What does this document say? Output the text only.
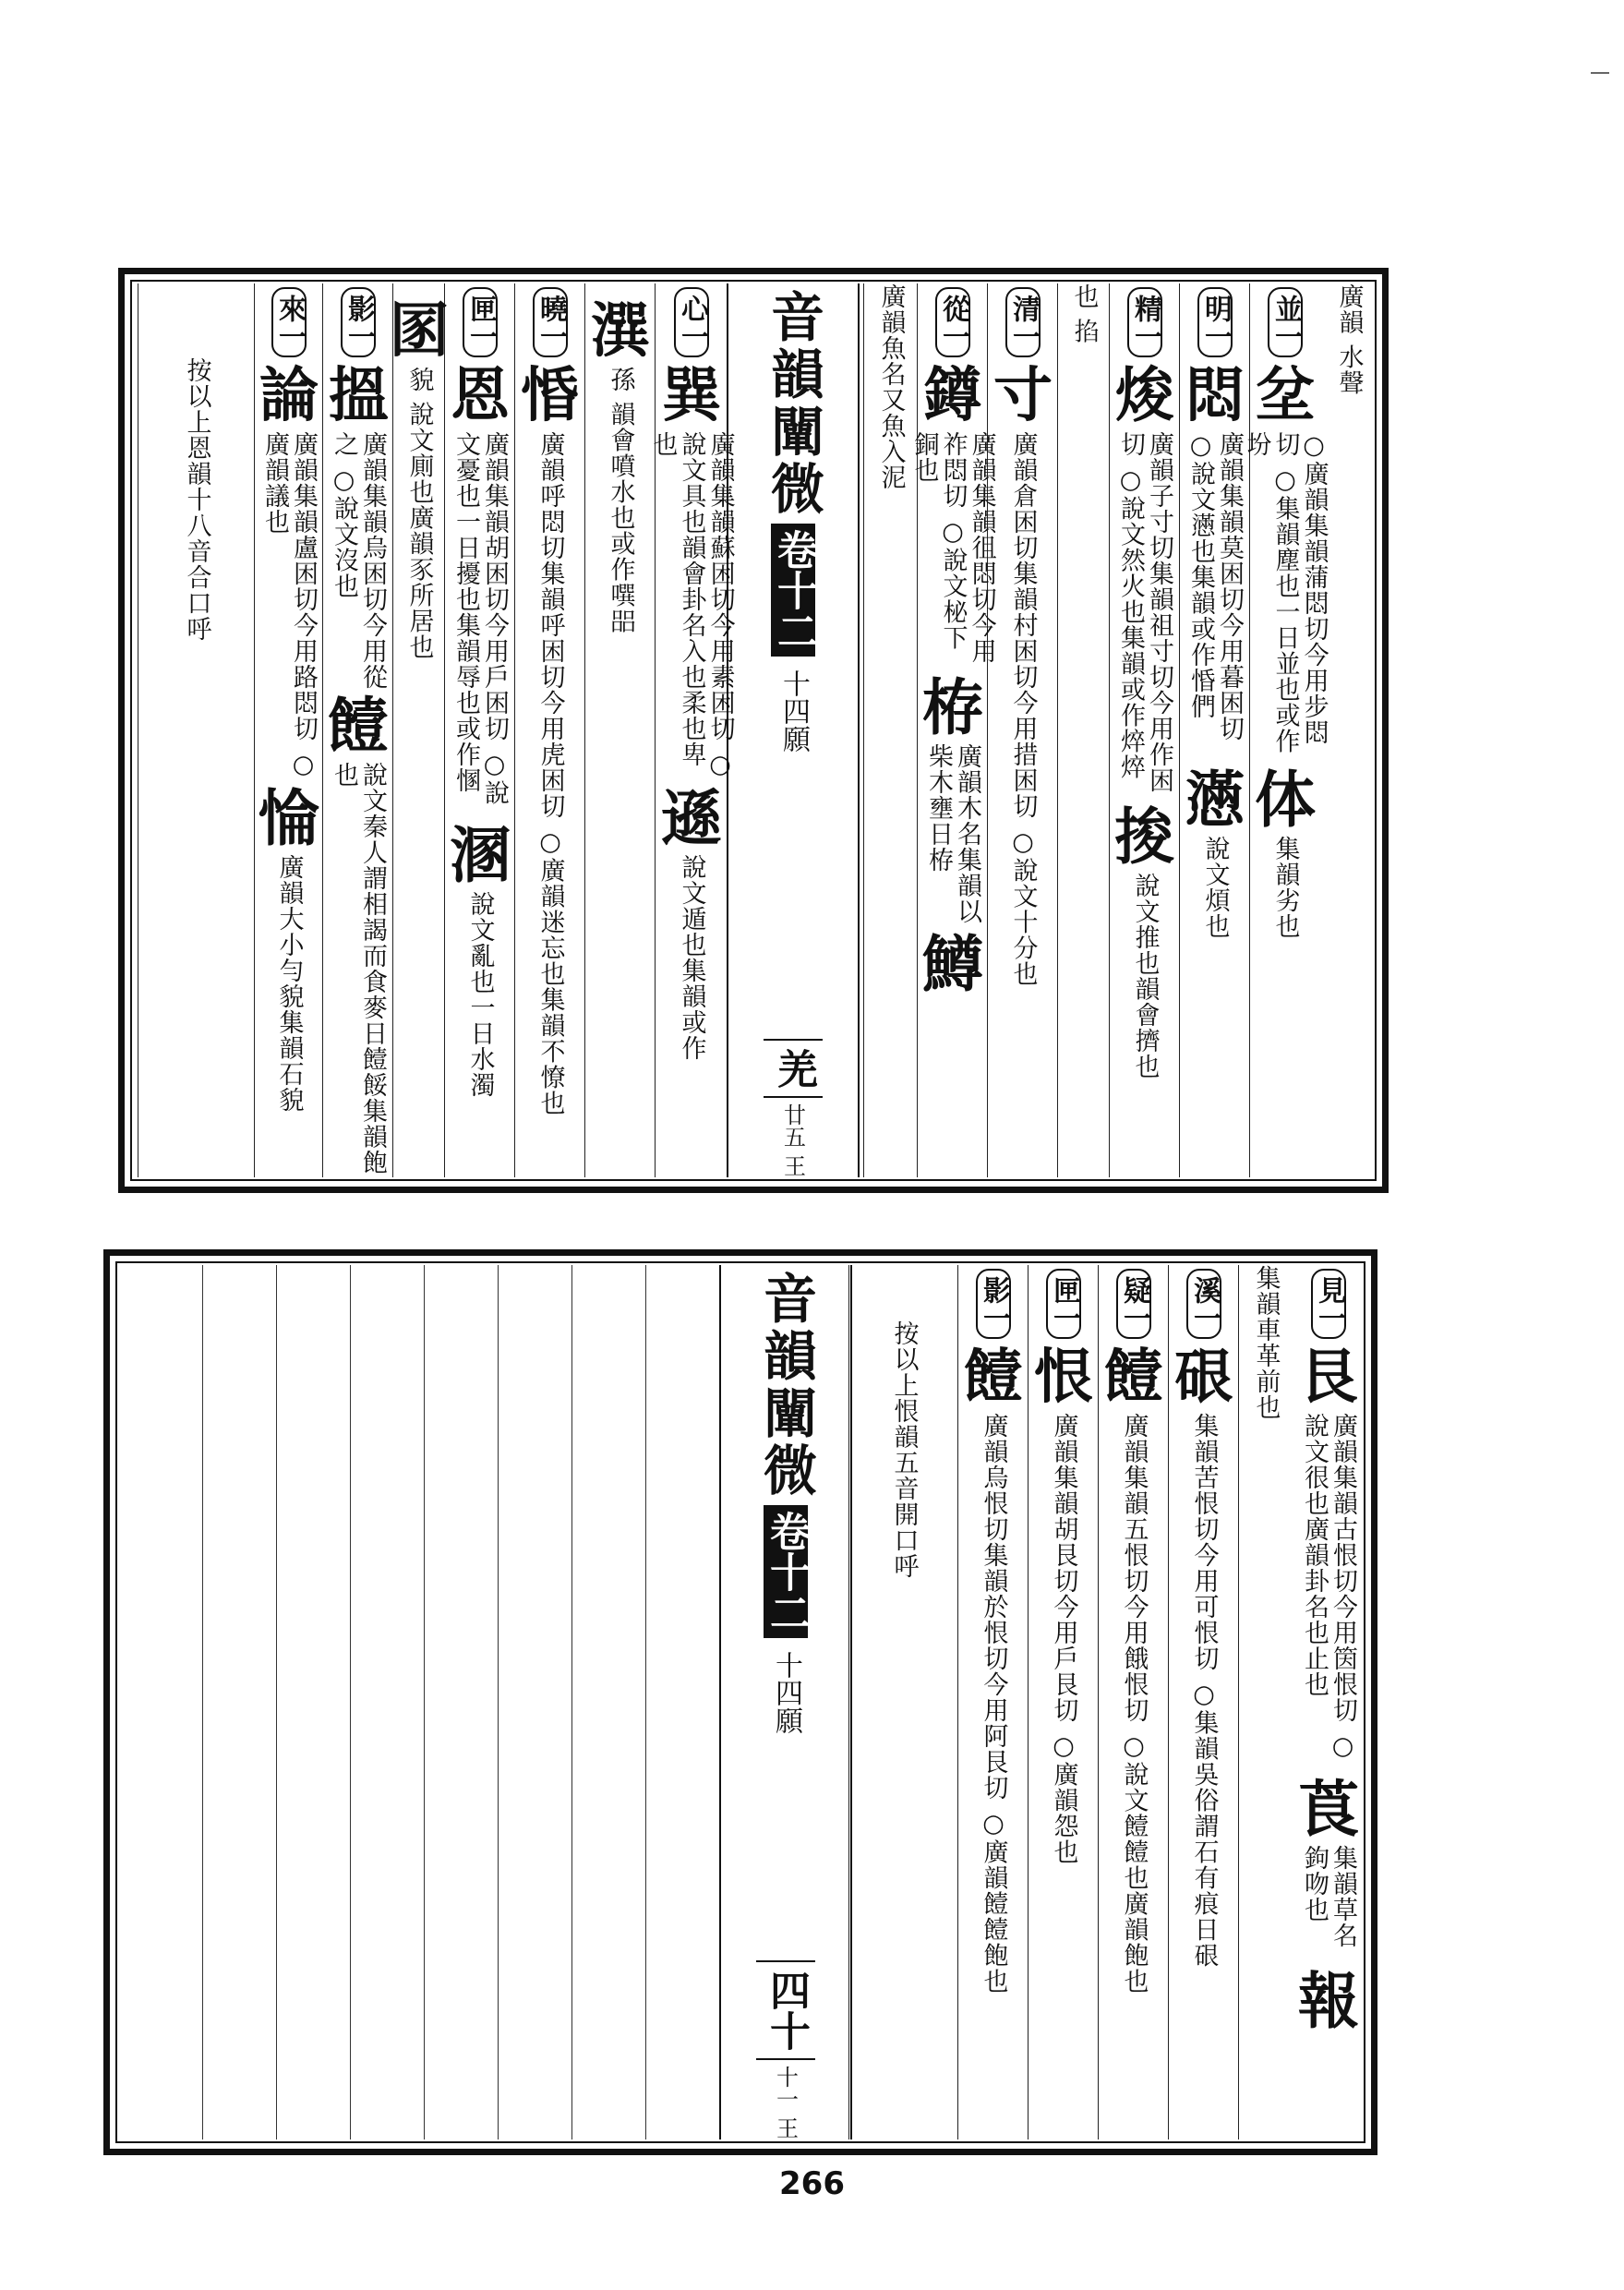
廣韻 水聲
並一
坌
○廣韻集韻蒲悶切今用步悶切 ○集韻塵也一日並也或作坋
体
集韻劣也
明一
悶
廣韻集韻莫困切今用暮困切 ○說文懣也集韻或作惛們
懣
說文煩也
精一
焌
廣韻子寸切集韻祖寸切今用作困切 ○說文然火也集韻或作焠焠
捘
說文推也韻會擠也
也 掐
清一
寸
廣韻倉困切集韻村困切今用措困切 ○說文十分也
從一
鐏
廣韻集韻徂悶切今用祚悶切 ○說文柲下銅也
栫
廣韻木名集韻以柴木壅日栫
鱒
廣韻魚名又魚入泥
音韻闡微
卷十二
十四願
羌
廿五 王
心一
巽
廣韻集韻蘇困切今用素困切 ○說文具也韻會卦名入也柔也卑也
遜
說文遁也集韻或作
潠
孫 韻會噴水也或作噀㗊
曉一
惛
廣韻呼悶切集韻呼困切今用虎困切 ○廣韻迷忘也集韻不憭也
匣一
恩
廣韻集韻胡困切今用戶困切 ○說文憂也一日擾也集韻辱也或作㥵
溷
說文亂也一日水濁
圂
貌 說文廁也廣韻豕所居也
影一
搵
廣韻集韻烏困切今用從之 ○說文沒也
饐
說文秦人謂相謁而食麥日饐餒集韻飽也
來一
論
廣韻集韻盧困切今用路悶切 ○廣韻議也
惀
廣韻大小勻貌集韻石貌
按以上恩韻十八音合口呼
見一
艮
廣韻集韻古恨切今用筃恨切 ○說文很也廣韻卦名也止也
莨
集韻草名鉤吻也
報
集韻車革前也
溪一
硍
集韻苦恨切今用可恨切 ○集韻吳俗謂石有痕日硍
疑一
饐
廣韻集韻五恨切今用餓恨切 ○說文饐饐也廣韻飽也
匣一
恨
廣韻集韻胡艮切今用戶艮切 ○廣韻怨也
影一
饐
廣韻烏恨切集韻於恨切今用阿艮切 ○廣韻饐饐飽也
按以上恨韻五音開口呼
音韻闡微
卷十二
十四願
四十
十一 王
266
